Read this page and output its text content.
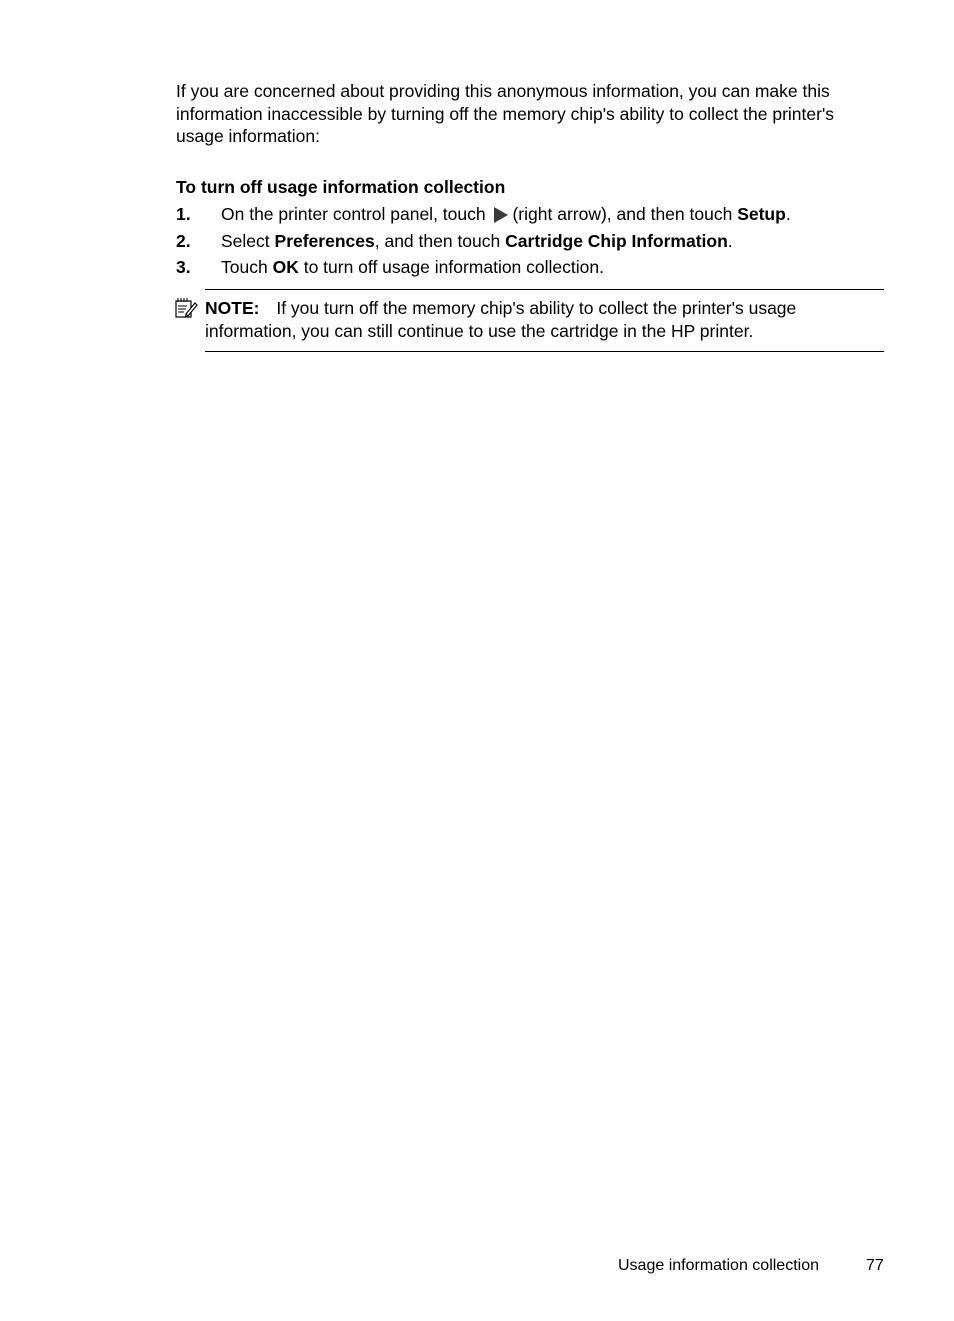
If you are concerned about providing this anonymous information, you can make this information inaccessible by turning off the memory chip's ability to collect the printer's usage information:

To turn off usage information collection

1. On the printer control panel, touch (right arrow), and then touch Setup.
2. Select Preferences, and then touch Cartridge Chip Information.
3. Touch OK to turn off usage information collection.
NOTE: If you turn off the memory chip's ability to collect the printer's usage information, you can still continue to use the cartridge in the HP printer.
Usage information collection	77
